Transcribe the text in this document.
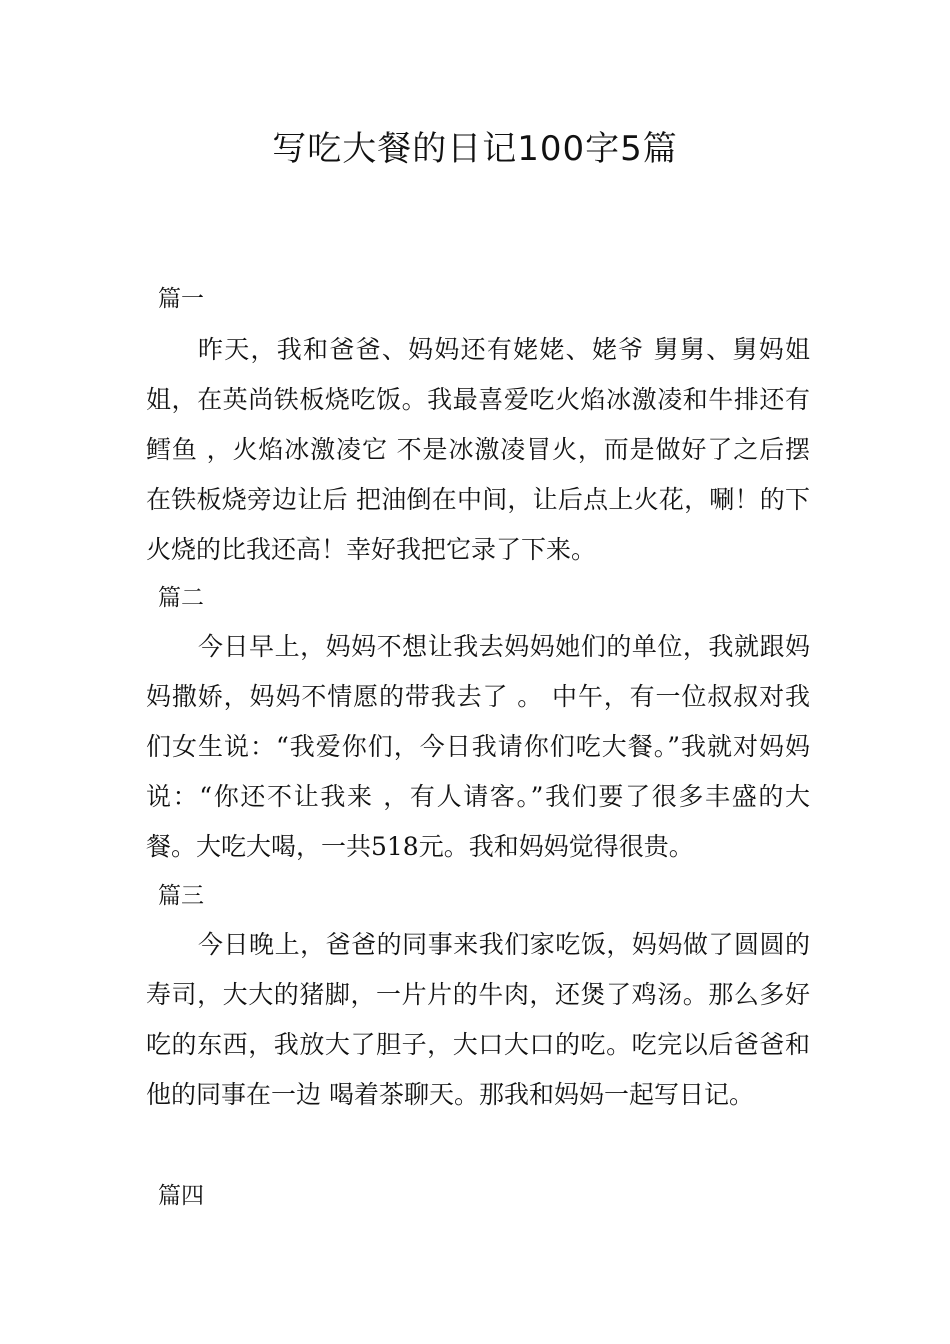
写吃大餐的日记100字5篇
篇一
昨天，我和爸爸、妈妈还有姥姥、姥爷 舅舅、舅妈姐姐，在英尚铁板烧吃饭。我最喜爱吃火焰冰激凌和牛排还有鳕鱼 ，火焰冰激凌它 不是冰激凌冒火，而是做好了之后摆在铁板烧旁边让后 把油倒在中间，让后点上火花，唰！的下火烧的比我还高！幸好我把它录了下来。
篇二
今日早上，妈妈不想让我去妈妈她们的单位，我就跟妈妈撒娇，妈妈不情愿的带我去了 。 中午，有一位叔叔对我们女生说：“我爱你们，今日我请你们吃大餐。”我就对妈妈说：“你还不让我来 ，有人请客。”我们要了很多丰盛的大餐。大吃大喝，一共518元。我和妈妈觉得很贵。
篇三
今日晚上，爸爸的同事来我们家吃饭，妈妈做了圆圆的寿司，大大的猪脚，一片片的牛肉，还煲了鸡汤。那么多好吃的东西，我放大了胆子，大口大口的吃。吃完以后爸爸和他的同事在一边 喝着茶聊天。那我和妈妈一起写日记。
篇四
